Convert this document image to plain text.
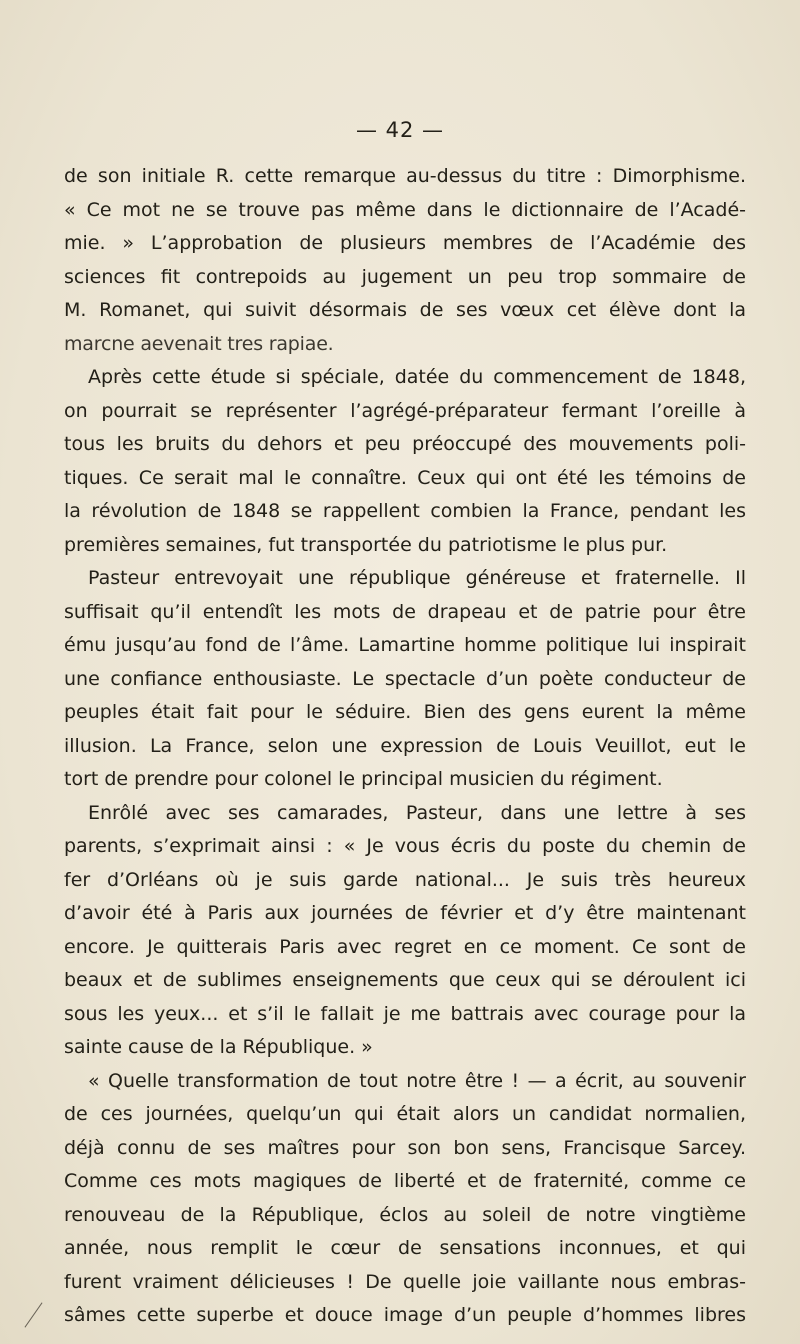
— 42 —
de son initiale R. cette remarque au-dessus du titre : Dimorphisme.
« Ce mot ne se trouve pas même dans le dictionnaire de l’Acadé-
mie. » L’approbation de plusieurs membres de l’Académie des
sciences fit contrepoids au jugement un peu trop sommaire de
M. Romanet, qui suivit désormais de ses vœux cet élève dont la
marcne aevenait tres rapiae.
Après cette étude si spéciale, datée du commencement de 1848,
on pourrait se représenter l’agrégé-préparateur fermant l’oreille à
tous les bruits du dehors et peu préoccupé des mouvements poli-
tiques. Ce serait mal le connaître. Ceux qui ont été les témoins de
la révolution de 1848 se rappellent combien la France, pendant les
premières semaines, fut transportée du patriotisme le plus pur.
Pasteur entrevoyait une république généreuse et fraternelle. Il
suffisait qu’il entendît les mots de drapeau et de patrie pour être
ému jusqu’au fond de l’âme. Lamartine homme politique lui inspirait
une confiance enthousiaste. Le spectacle d’un poète conducteur de
peuples était fait pour le séduire. Bien des gens eurent la même
illusion. La France, selon une expression de Louis Veuillot, eut le
tort de prendre pour colonel le principal musicien du régiment.
Enrôlé avec ses camarades, Pasteur, dans une lettre à ses
parents, s’exprimait ainsi : « Je vous écris du poste du chemin de
fer d’Orléans où je suis garde national... Je suis très heureux
d’avoir été à Paris aux journées de février et d’y être maintenant
encore. Je quitterais Paris avec regret en ce moment. Ce sont de
beaux et de sublimes enseignements que ceux qui se déroulent ici
sous les yeux... et s’il le fallait je me battrais avec courage pour la
sainte cause de la République. »
« Quelle transformation de tout notre être ! — a écrit, au souvenir
de ces journées, quelqu’un qui était alors un candidat normalien,
déjà connu de ses maîtres pour son bon sens, Francisque Sarcey.
Comme ces mots magiques de liberté et de fraternité, comme ce
renouveau de la République, éclos au soleil de notre vingtième
année, nous remplit le cœur de sensations inconnues, et qui
furent vraiment délicieuses ! De quelle joie vaillante nous embras-
sâmes cette superbe et douce image d’un peuple d’hommes libres
